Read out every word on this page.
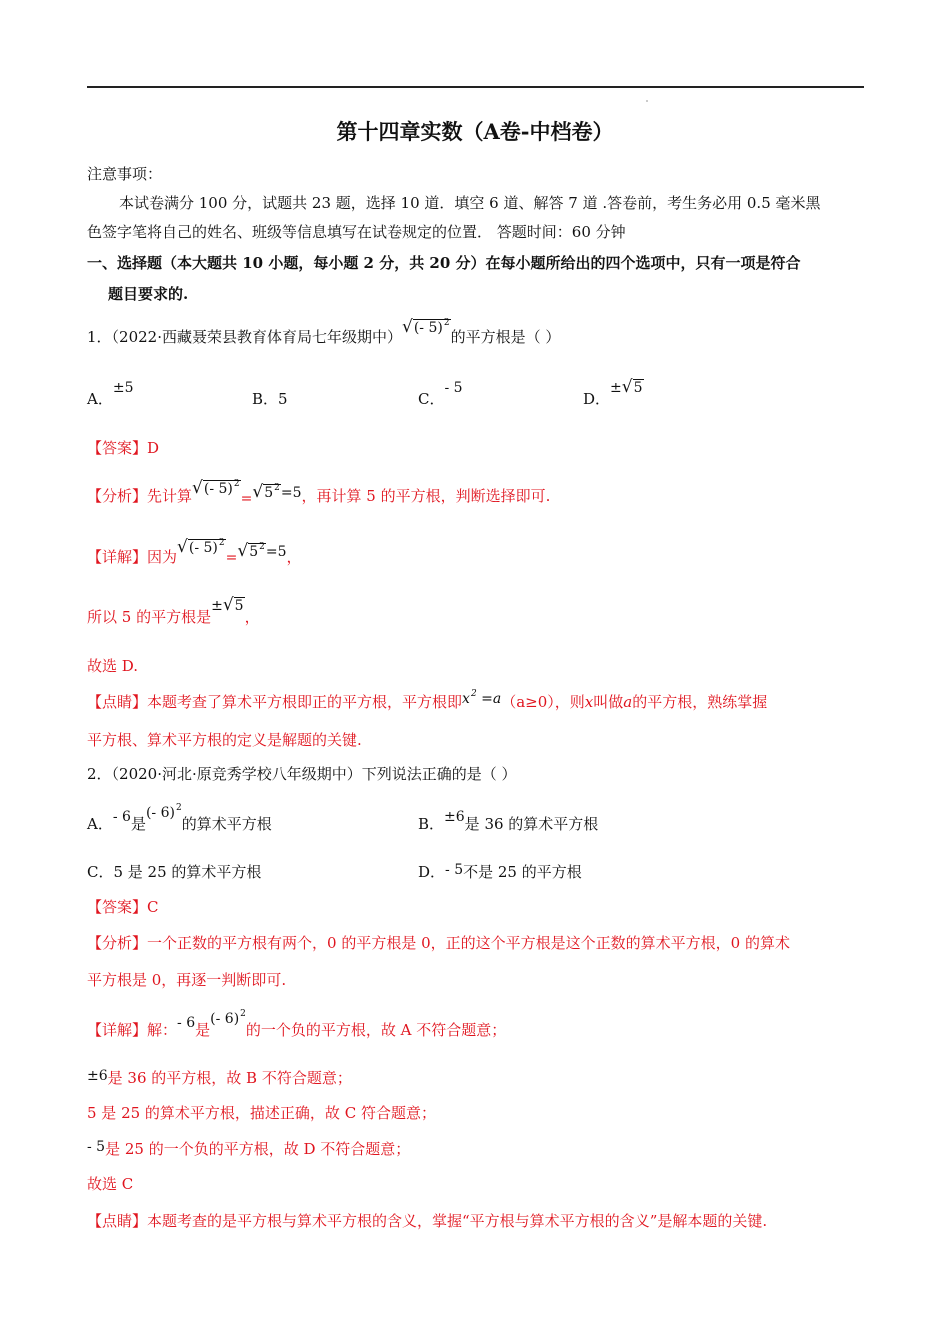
第十四章实数（A卷-中档卷）
注意事项：
本试卷满分 100 分，试题共 23 题，选择 10 道．填空 6 道、解答 7 道 .答卷前，考生务必用 0.5 毫米黑
色签字笔将自己的姓名、班级等信息填写在试卷规定的位置． 答题时间：60 分钟
一、选择题（本大题共 10 小题，每小题 2 分，共 20 分）在每小题所给出的四个选项中，只有一项是符合
题目要求的.
1．（2022·西藏聂荣县教育体育局七年级期中）√(- 5)$^2$的平方根是（ ）
A．±5
B．5	C．- 5
D．±√5
【答案】D
【分析】先计算√(- $5)^2=√5^2=5$，再计算 5 的平方根，判断选择即可.
【详解】因为√(- $5)^2=√5^2=5$，
所以 5 的平方根是±√5，
故选 D.
【点睛】本题考查了算术平方根即正的平方根，平方根即$x^2 =a(a\ge 0)$，则x叫做a的平方根，熟练掌握
平方根、算术平方根的定义是解题的关键.
2．（2020·河北·原竞秀学校八年级期中）下列说法正确的是（ ）
A．- 6是(- 6)$^2$的算术平方根	B．±6是 36 的算术平方根
C．5 是 25 的算术平方根	D．- 5不是 25 的平方根
【答案】C
【分析】一个正数的平方根有两个，0 的平方根是 0，正的这个平方根是这个正数的算术平方根，0 的算术
平方根是 0，再逐一判断即可.
【详解】解：- 6是(- 6)$^2$的一个负的平方根，故 A 不符合题意；
±6是 36 的平方根，故 B 不符合题意；
5 是 25 的算术平方根，描述正确，故 C 符合题意；
- 5是 25 的一个负的平方根，故 D 不符合题意；
故选 C
【点睛】本题考查的是平方根与算术平方根的含义，掌握“平方根与算术平方根的含义”是解本题的关键.
